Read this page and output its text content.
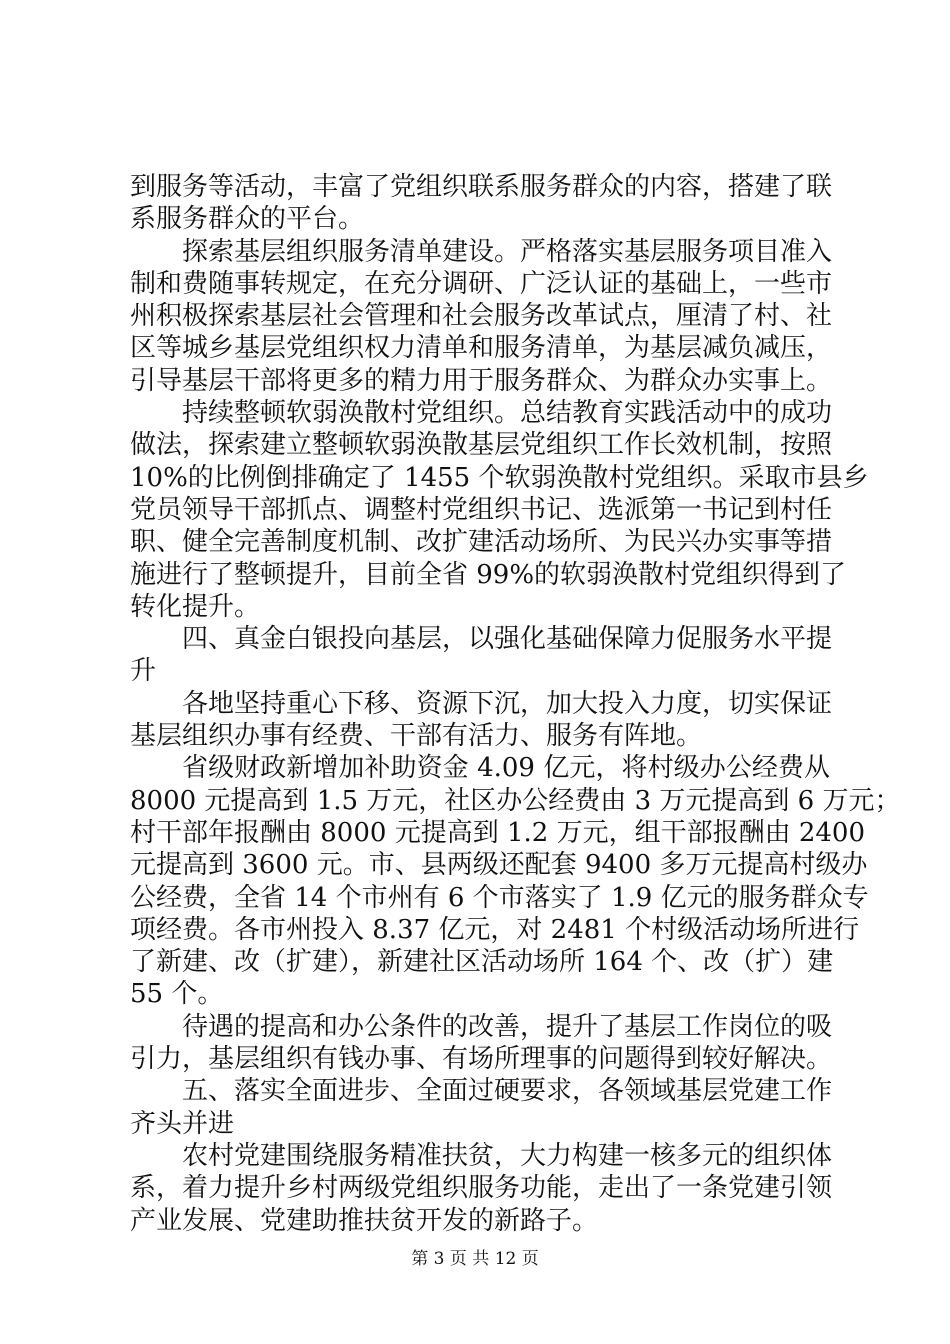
到服务等活动，丰富了党组织联系服务群众的内容，搭建了联
系服务群众的平台。
探索基层组织服务清单建设。严格落实基层服务项目准入
制和费随事转规定，在充分调研、广泛认证的基础上，一些市
州积极探索基层社会管理和社会服务改革试点，厘清了村、社
区等城乡基层党组织权力清单和服务清单，为基层减负减压，
引导基层干部将更多的精力用于服务群众、为群众办实事上。
持续整顿软弱涣散村党组织。总结教育实践活动中的成功
做法，探索建立整顿软弱涣散基层党组织工作长效机制，按照
10%的比例倒排确定了 1455 个软弱涣散村党组织。采取市县乡
党员领导干部抓点、调整村党组织书记、选派第一书记到村任
职、健全完善制度机制、改扩建活动场所、为民兴办实事等措
施进行了整顿提升，目前全省 99%的软弱涣散村党组织得到了
转化提升。
四、真金白银投向基层，以强化基础保障力促服务水平提
升
各地坚持重心下移、资源下沉，加大投入力度，切实保证
基层组织办事有经费、干部有活力、服务有阵地。
省级财政新增加补助资金 4.09 亿元，将村级办公经费从
8000 元提高到 1.5 万元，社区办公经费由 3 万元提高到 6 万元；
村干部年报酬由 8000 元提高到 1.2 万元，组干部报酬由 2400
元提高到 3600 元。市、县两级还配套 9400 多万元提高村级办
公经费，全省 14 个市州有 6 个市落实了 1.9 亿元的服务群众专
项经费。各市州投入 8.37 亿元，对 2481 个村级活动场所进行
了新建、改（扩建），新建社区活动场所 164 个、改（扩）建
55 个。
待遇的提高和办公条件的改善，提升了基层工作岗位的吸
引力，基层组织有钱办事、有场所理事的问题得到较好解决。
五、落实全面进步、全面过硬要求，各领域基层党建工作
齐头并进
农村党建围绕服务精准扶贫，大力构建一核多元的组织体
系，着力提升乡村两级党组织服务功能，走出了一条党建引领
产业发展、党建助推扶贫开发的新路子。
第 3 页 共 12 页
